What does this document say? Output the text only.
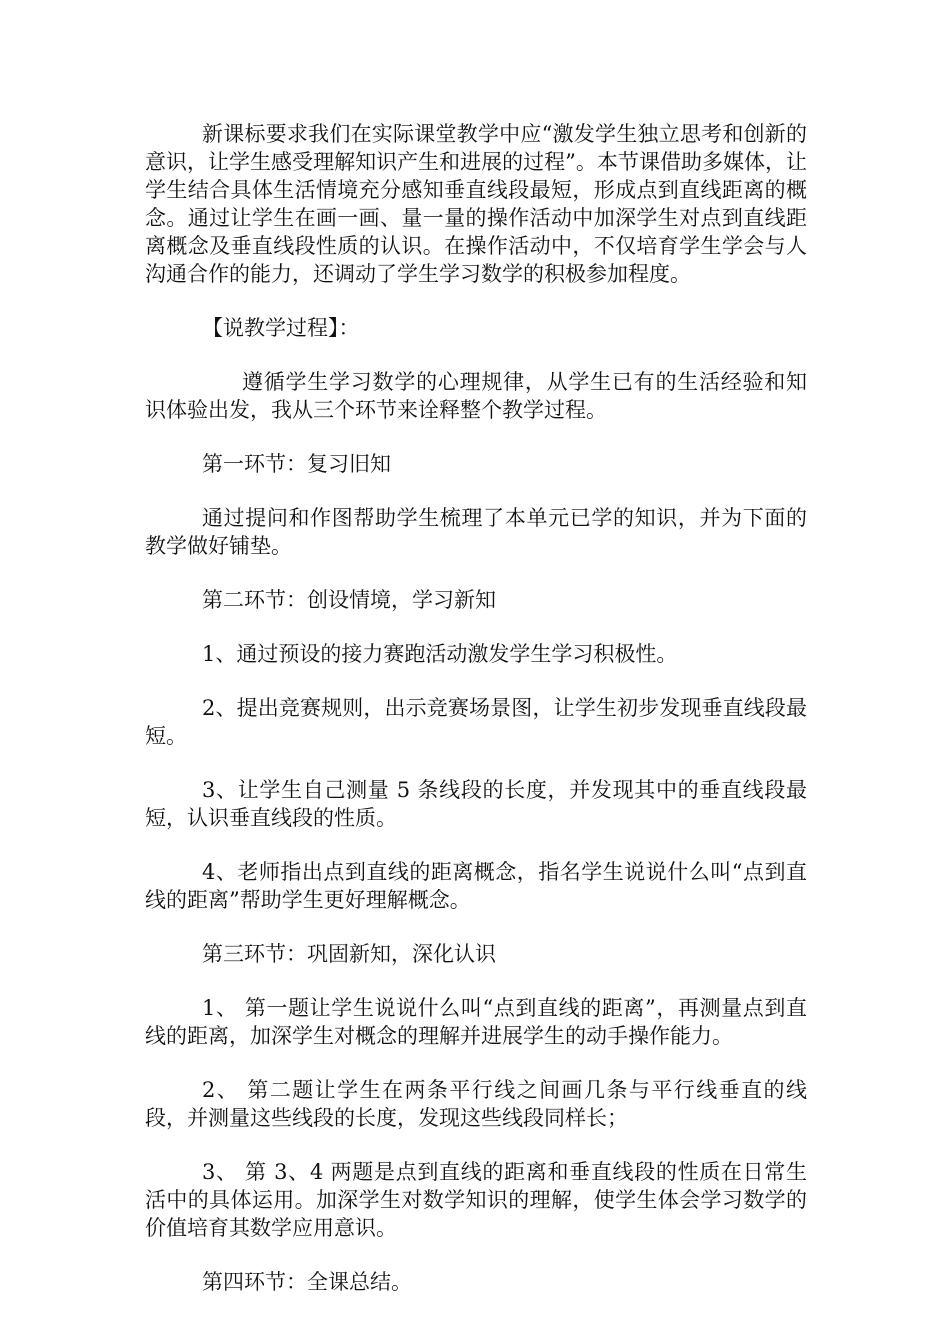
新课标要求我们在实际课堂教学中应“激发学生独立思考和创新的意识，让学生感受理解知识产生和进展的过程”。本节课借助多媒体，让学生结合具体生活情境充分感知垂直线段最短，形成点到直线距离的概念。通过让学生在画一画、量一量的操作活动中加深学生对点到直线距离概念及垂直线段性质的认识。在操作活动中，不仅培育学生学会与人沟通合作的能力，还调动了学生学习数学的积极参加程度。

【说教学过程】：

遵循学生学习数学的心理规律，从学生已有的生活经验和知识体验出发，我从三个环节来诠释整个教学过程。

第一环节：复习旧知

通过提问和作图帮助学生梳理了本单元已学的知识，并为下面的教学做好铺垫。

第二环节：创设情境，学习新知

1、通过预设的接力赛跑活动激发学生学习积极性。

2、提出竞赛规则，出示竞赛场景图，让学生初步发现垂直线段最短。

3、让学生自己测量 5 条线段的长度，并发现其中的垂直线段最短，认识垂直线段的性质。

4、老师指出点到直线的距离概念，指名学生说说什么叫“点到直线的距离”帮助学生更好理解概念。

第三环节：巩固新知，深化认识

1、 第一题让学生说说什么叫“点到直线的距离”，再测量点到直线的距离，加深学生对概念的理解并进展学生的动手操作能力。

2、 第二题让学生在两条平行线之间画几条与平行线垂直的线段，并测量这些线段的长度，发现这些线段同样长；

3、 第 3、4 两题是点到直线的距离和垂直线段的性质在日常生活中的具体运用。加深学生对数学知识的理解，使学生体会学习数学的价值培育其数学应用意识。

第四环节：全课总结。
